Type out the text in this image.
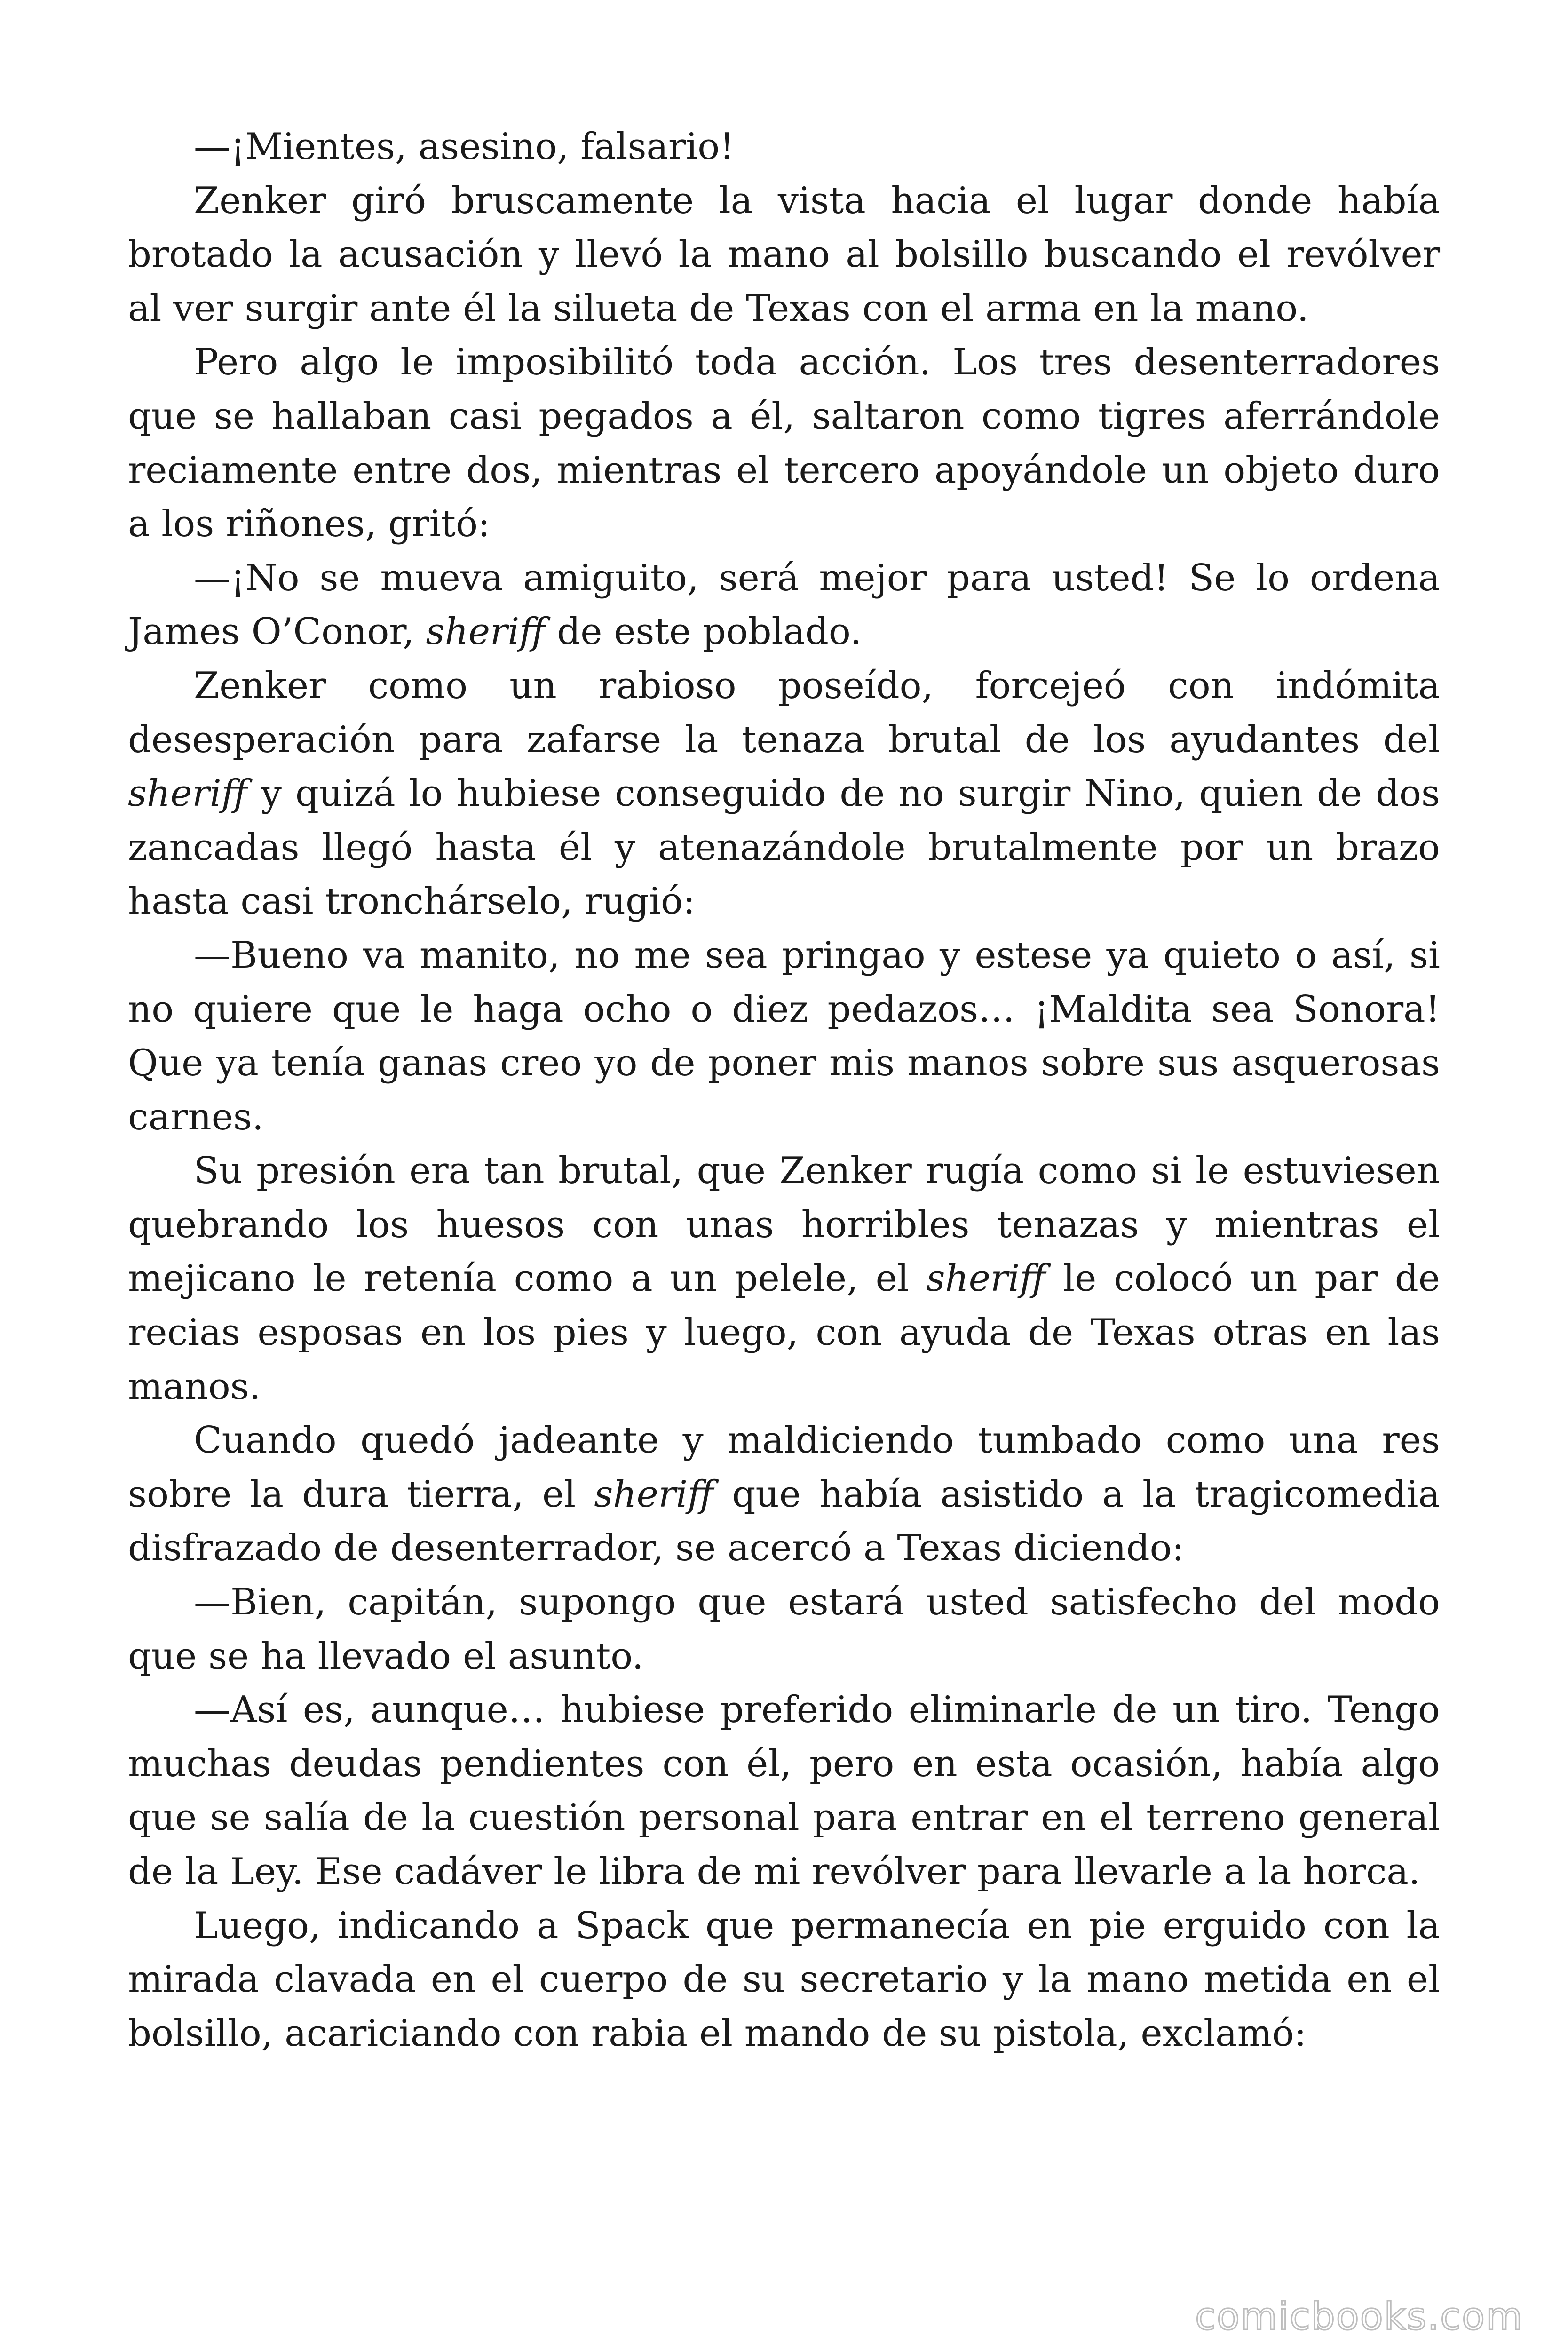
—¡Mientes, asesino, falsario!

Zenker giró bruscamente la vista hacia el lugar donde había brotado la acusación y llevó la mano al bolsillo buscando el revólver al ver surgir ante él la silueta de Texas con el arma en la mano.

Pero algo le imposibilitó toda acción. Los tres desenterradores que se hallaban casi pegados a él, saltaron como tigres aferrándole reciamente entre dos, mientras el tercero apoyándole un objeto duro a los riñones, gritó:

—¡No se mueva amiguito, será mejor para usted! Se lo ordena James O’Conor, sheriff de este poblado.

Zenker como un rabioso poseído, forcejeó con indómita desesperación para zafarse la tenaza brutal de los ayudantes del sheriff y quizá lo hubiese conseguido de no surgir Nino, quien de dos zancadas llegó hasta él y atenazándole brutalmente por un brazo hasta casi tronchárselo, rugió:

—Bueno va manito, no me sea pringao y estese ya quieto o así, si no quiere que le haga ocho o diez pedazos… ¡Maldita sea Sonora! Que ya tenía ganas creo yo de poner mis manos sobre sus asquerosas carnes.

Su presión era tan brutal, que Zenker rugía como si le estuviesen quebrando los huesos con unas horribles tenazas y mientras el mejicano le retenía como a un pelele, el sheriff le colocó un par de recias esposas en los pies y luego, con ayuda de Texas otras en las manos.

Cuando quedó jadeante y maldiciendo tumbado como una res sobre la dura tierra, el sheriff que había asistido a la tragicomedia disfrazado de desenterrador, se acercó a Texas diciendo:

—Bien, capitán, supongo que estará usted satisfecho del modo que se ha llevado el asunto.

—Así es, aunque… hubiese preferido eliminarle de un tiro. Tengo muchas deudas pendientes con él, pero en esta ocasión, había algo que se salía de la cuestión personal para entrar en el terreno general de la Ley. Ese cadáver le libra de mi revólver para llevarle a la horca.

Luego, indicando a Spack que permanecía en pie erguido con la mirada clavada en el cuerpo de su secretario y la mano metida en el bolsillo, acariciando con rabia el mando de su pistola, exclamó:

comicbooks.com
